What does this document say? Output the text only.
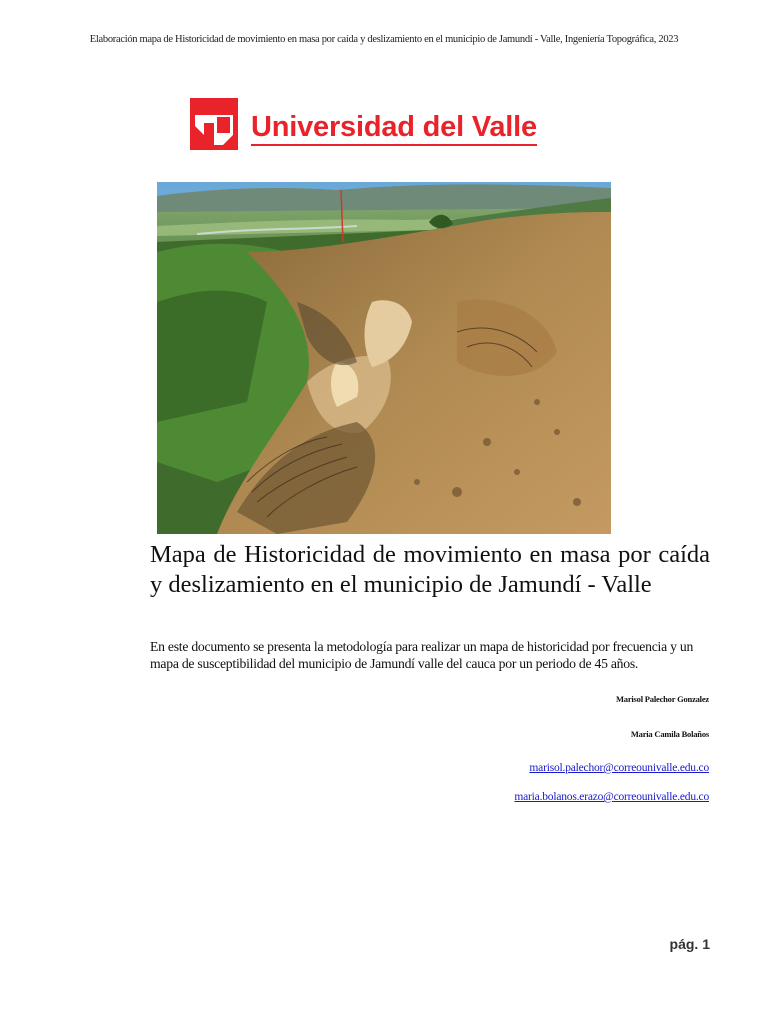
Elaboración mapa de Historicidad de movimiento en masa por caída y deslizamiento en el municipio de Jamundí - Valle, Ingeniería Topográfica, 2023
Universidad del Valle
Mapa de Historicidad de movimiento en masa por caída y deslizamiento en el municipio de Jamundí - Valle

En este documento se presenta la metodología para realizar un mapa de historicidad por frecuencia y un mapa de susceptibilidad del municipio de Jamundí valle del cauca por un periodo de 45 años.

Marisol Palechor Gonzalez
Maria Camila Bolaños
marisol.palechor@correounivalle.edu.co
maria.bolanos.erazo@correounivalle.edu.co
pág. 1
